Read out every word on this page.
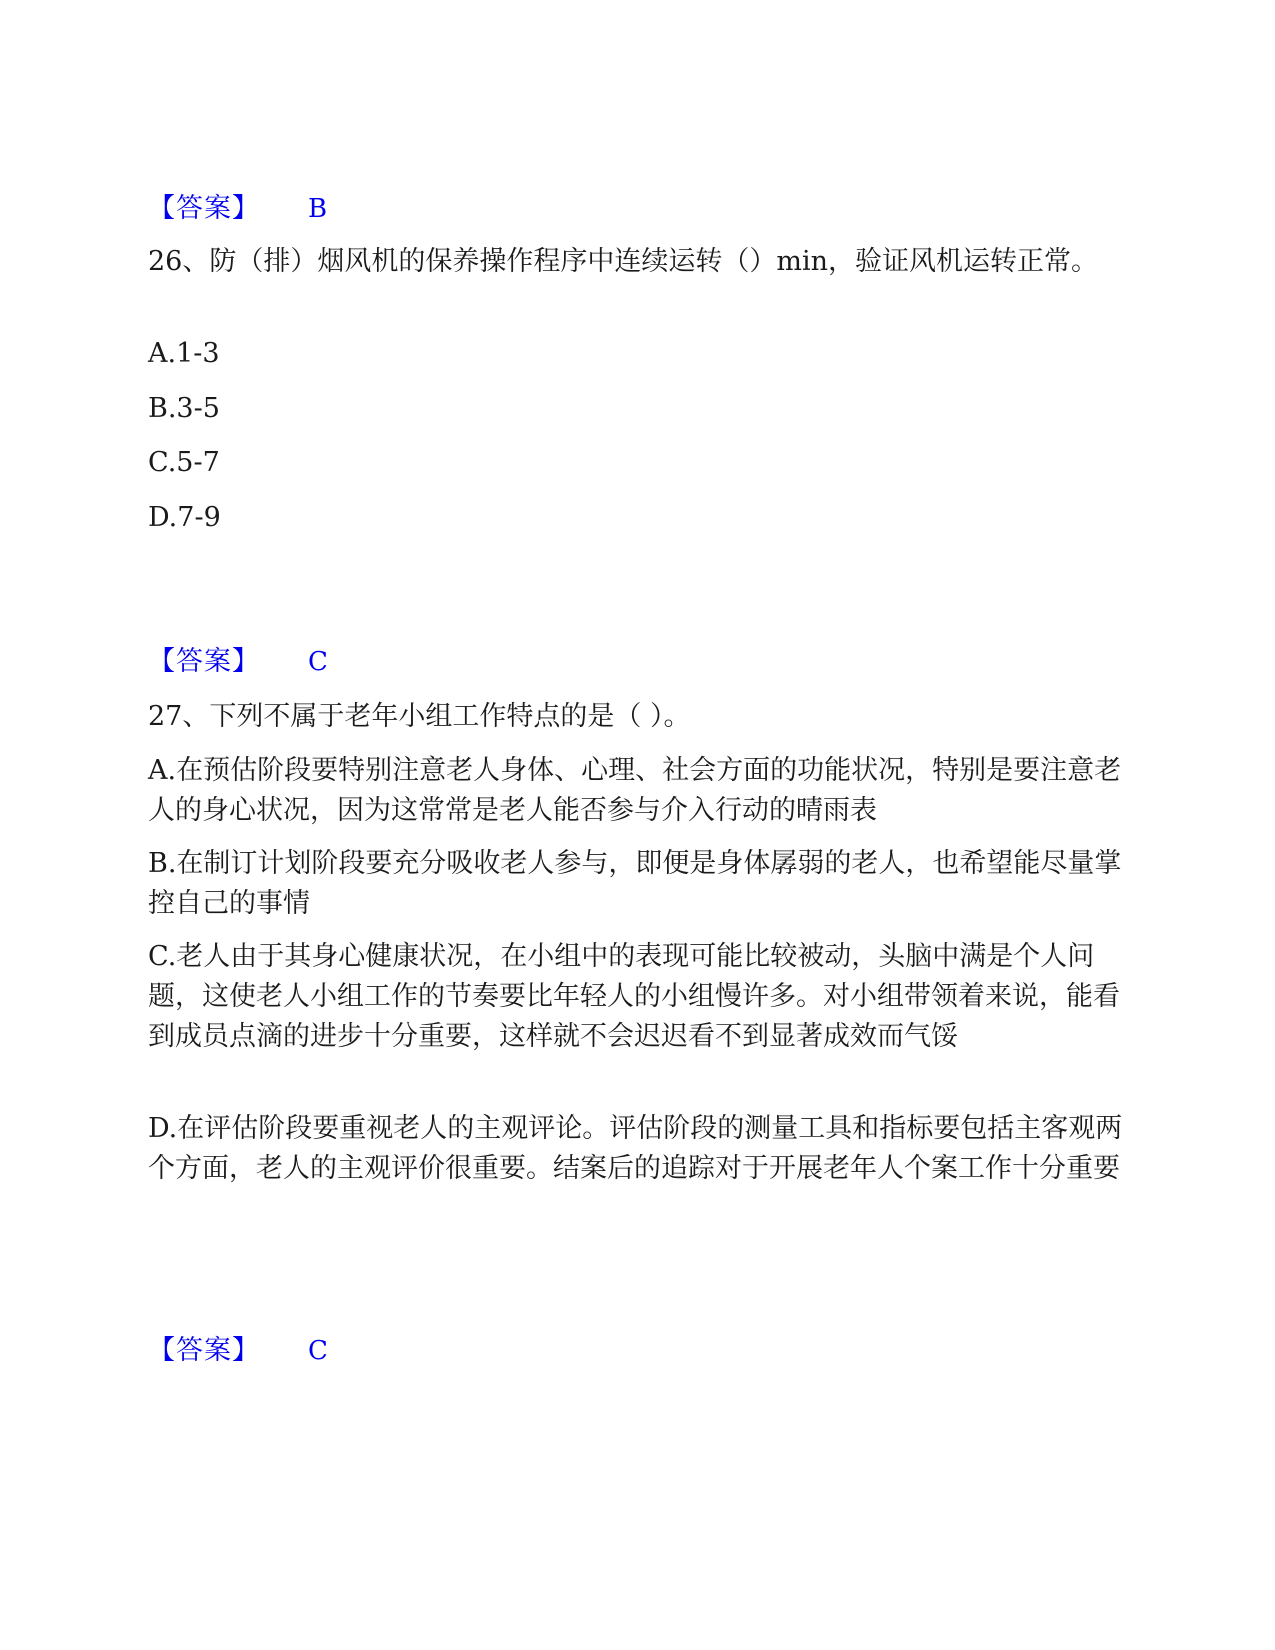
【答案】 B
26、防（排）烟风机的保养操作程序中连续运转（）min，验证风机运转正常。
A.1-3
B.3-5
C.5-7
D.7-9
【答案】 C
27、下列不属于老年小组工作特点的是（ ）。
A.在预估阶段要特别注意老人身体、心理、社会方面的功能状况，特别是要注意老人的身心状况，因为这常常是老人能否参与介入行动的晴雨表
B.在制订计划阶段要充分吸收老人参与，即便是身体孱弱的老人，也希望能尽量掌控自己的事情
C.老人由于其身心健康状况，在小组中的表现可能比较被动，头脑中满是个人问题，这使老人小组工作的节奏要比年轻人的小组慢许多。对小组带领着来说，能看到成员点滴的进步十分重要，这样就不会迟迟看不到显著成效而气馁
D.在评估阶段要重视老人的主观评论。评估阶段的测量工具和指标要包括主客观两个方面，老人的主观评价很重要。结案后的追踪对于开展老年人个案工作十分重要
【答案】 C
